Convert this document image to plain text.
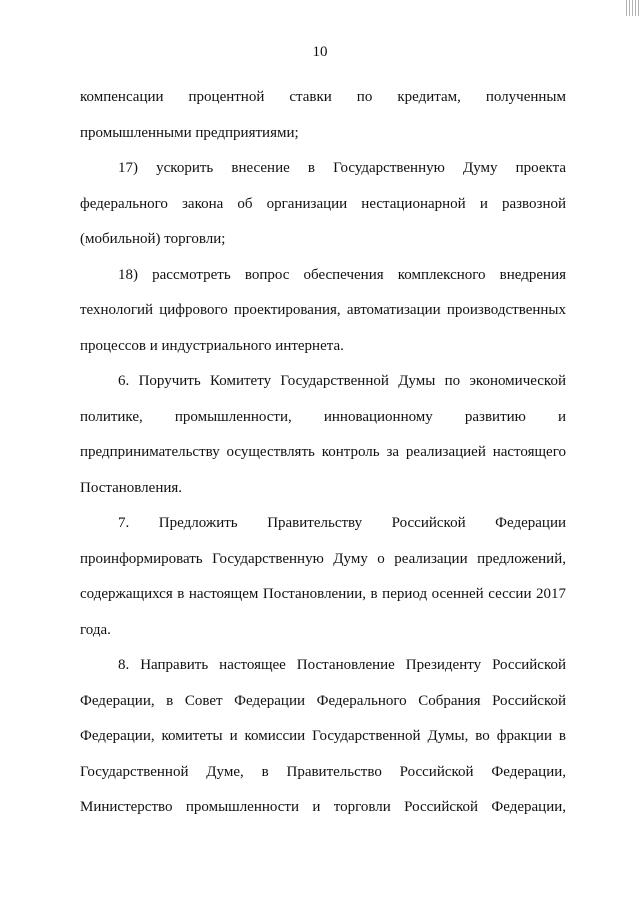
10
компенсации процентной ставки по кредитам, полученным
промышленными предприятиями;
17) ускорить внесение в Государственную Думу проекта
федерального закона об организации нестационарной и развозной
(мобильной) торговли;
18) рассмотреть вопрос обеспечения комплексного внедрения
технологий цифрового проектирования, автоматизации производственных
процессов и индустриального интернета.
6. Поручить Комитету Государственной Думы по экономической
политике, промышленности, инновационному развитию и
предпринимательству осуществлять контроль за реализацией настоящего
Постановления.
7. Предложить Правительству Российской Федерации
проинформировать Государственную Думу о реализации предложений,
содержащихся в настоящем Постановлении, в период осенней сессии 2017
года.
8. Направить настоящее Постановление Президенту Российской
Федерации, в Совет Федерации Федерального Собрания Российской
Федерации, комитеты и комиссии Государственной Думы, во фракции в
Государственной Думе, в Правительство Российской Федерации,
Министерство промышленности и торговли Российской Федерации,
